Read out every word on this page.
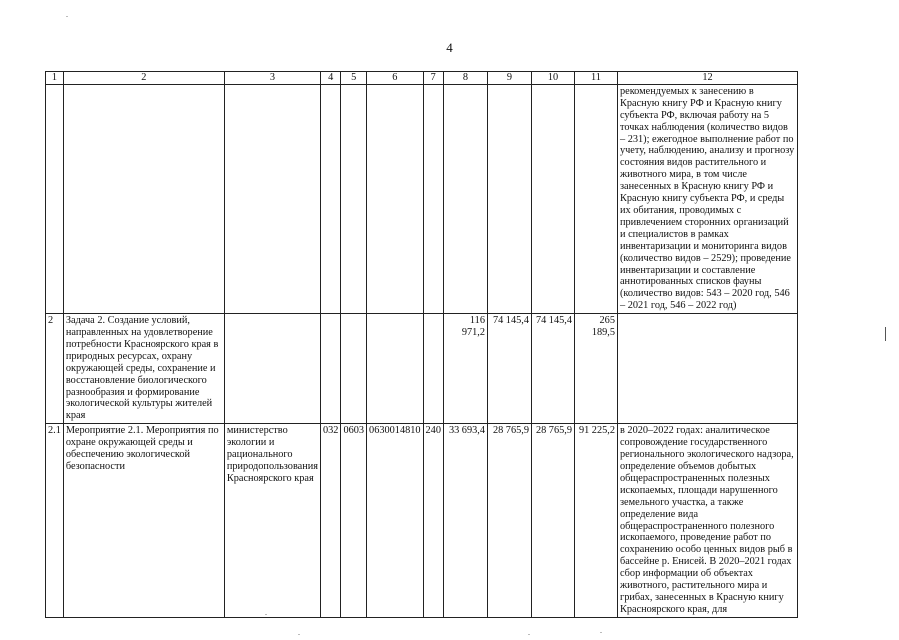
4
1	2	3	4	5	6	7	8	9	10	11	12
											рекомендуемых к занесению в Красную книгу РФ и Красную книгу субъекта РФ, включая работу на 5 точках наблюдения (количество видов – 231); ежегодное выполнение работ по учету, наблюдению, анализу и прогнозу состояния видов растительного и животного мира, в том числе занесенных в Красную книгу РФ и Красную книгу субъекта РФ, и среды их обитания, проводимых с привлечением сторонних организаций и специалистов в рамках инвентаризации и мониторинга видов (количество видов – 2529); проведение инвентаризации и составление аннотированных списков фауны (количество видов: 543 – 2020 год, 546 – 2021 год, 546 – 2022 год)
2	Задача 2. Создание условий, направленных на удовлетворение потребности Красноярского края в природных ресурсах, охрану окружающей среды, сохранение и восстановление биологического разнообразия и формирование экологической культуры жителей края						116 971,2	74 145,4	74 145,4	265 189,5	
2.1	Мероприятие 2.1. Мероприятия по охране окружающей среды и обеспечению экологической безопасности	министерство экологии и рационального природопользования Красноярского края	032	0603	0630014810	240	33 693,4	28 765,9	28 765,9	91 225,2	в 2020–2022 годах: аналитическое сопровождение государственного регионального экологического надзора, определение объемов добытых общераспространенных полезных ископаемых, площади нарушенного земельного участка, а также определение вида общераспространенного полезного ископаемого, проведение работ по сохранению особо ценных видов рыб в бассейне р. Енисей. В 2020–2021 годах сбор информации об объектах животного, растительного мира и грибах, занесенных в Красную книгу Красноярского края, для
